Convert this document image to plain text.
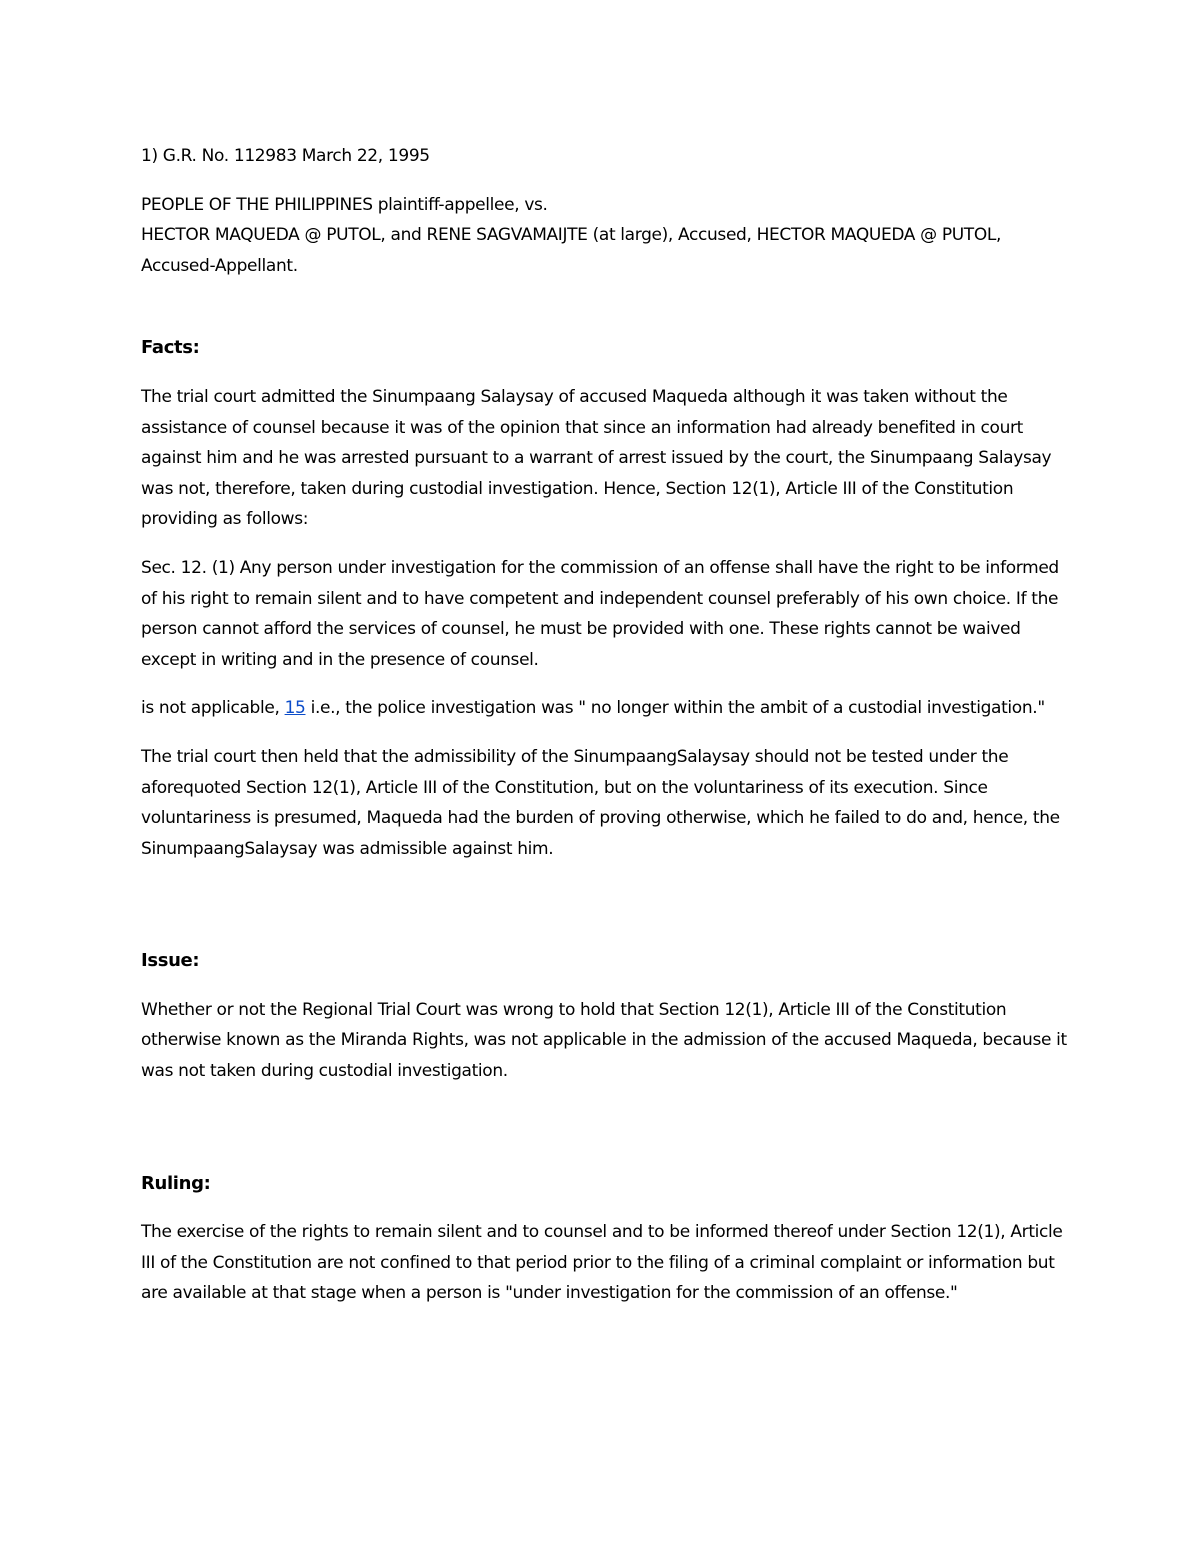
1) G.R. No. 112983 March 22, 1995
PEOPLE OF THE PHILIPPINES plaintiff-appellee, vs.
HECTOR MAQUEDA @ PUTOL, and RENE SAGVAMAIJTE (at large), Accused, HECTOR MAQUEDA @ PUTOL, Accused-Appellant.
Facts:
The trial court admitted the Sinumpaang Salaysay of accused Maqueda although it was taken without the assistance of counsel because it was of the opinion that since an information had already benefited in court against him and he was arrested pursuant to a warrant of arrest issued by the court, the Sinumpaang Salaysay was not, therefore, taken during custodial investigation. Hence, Section 12(1), Article III of the Constitution providing as follows:
Sec. 12. (1) Any person under investigation for the commission of an offense shall have the right to be informed of his right to remain silent and to have competent and independent counsel preferably of his own choice. If the person cannot afford the services of counsel, he must be provided with one. These rights cannot be waived except in writing and in the presence of counsel.
is not applicable, 15 i.e., the police investigation was " no longer within the ambit of a custodial investigation."
The trial court then held that the admissibility of the SinumpaangSalaysay should not be tested under the aforequoted Section 12(1), Article III of the Constitution, but on the voluntariness of its execution. Since voluntariness is presumed, Maqueda had the burden of proving otherwise, which he failed to do and, hence, the SinumpaangSalaysay was admissible against him.
Issue:
Whether or not the Regional Trial Court was wrong to hold that Section 12(1), Article III of the Constitution otherwise known as the Miranda Rights, was not applicable in the admission of the accused Maqueda, because it was not taken during custodial investigation.
Ruling:
The exercise of the rights to remain silent and to counsel and to be informed thereof under Section 12(1), Article III of the Constitution are not confined to that period prior to the filing of a criminal complaint or information but are available at that stage when a person is "under investigation for the commission of an offense."
